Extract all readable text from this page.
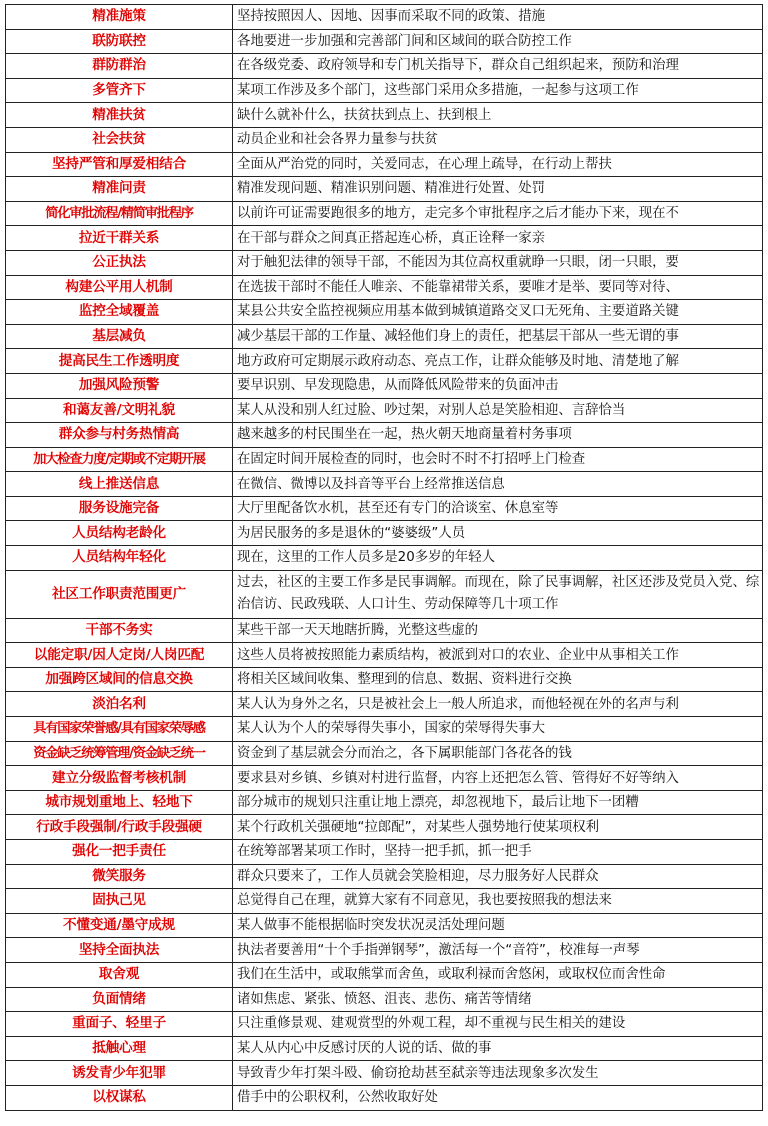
精准施策	坚持按照因人、因地、因事而采取不同的政策、措施
联防联控	各地要进一步加强和完善部门间和区域间的联合防控工作
群防群治	在各级党委、政府领导和专门机关指导下，群众自己组织起来，预防和治理
多管齐下	某项工作涉及多个部门，这些部门采用众多措施，一起参与这项工作
精准扶贫	缺什么就补什么，扶贫扶到点上、扶到根上
社会扶贫	动员企业和社会各界力量参与扶贫
坚持严管和厚爱相结合	全面从严治党的同时，关爱同志，在心理上疏导，在行动上帮扶
精准问责	精准发现问题、精准识别问题、精准进行处置、处罚
简化审批流程/精简审批程序	以前许可证需要跑很多的地方，走完多个审批程序之后才能办下来，现在不
拉近干群关系	在干部与群众之间真正搭起连心桥，真正诠释一家亲
公正执法	对于触犯法律的领导干部，不能因为其位高权重就睁一只眼，闭一只眼，要
构建公平用人机制	在选拔干部时不能任人唯亲、不能靠裙带关系，要唯才是举、要同等对待、
监控全域覆盖	某县公共安全监控视频应用基本做到城镇道路交叉口无死角、主要道路关键
基层减负	减少基层干部的工作量、减轻他们身上的责任，把基层干部从一些无谓的事
提高民生工作透明度	地方政府可定期展示政府动态、亮点工作，让群众能够及时地、清楚地了解
加强风险预警	要早识别、早发现隐患，从而降低风险带来的负面冲击
和蔼友善/文明礼貌	某人从没和别人红过脸、吵过架，对别人总是笑脸相迎、言辞恰当
群众参与村务热情高	越来越多的村民围坐在一起，热火朝天地商量着村务事项
加大检查力度/定期或不定期开展	在固定时间开展检查的同时，也会时不时不打招呼上门检查
线上推送信息	在微信、微博以及抖音等平台上经常推送信息
服务设施完备	大厅里配备饮水机，甚至还有专门的洽谈室、休息室等
人员结构老龄化	为居民服务的多是退休的“婆婆级”人员
人员结构年轻化	现在，这里的工作人员多是20多岁的年轻人
社区工作职责范围更广	过去，社区的主要工作多是民事调解。而现在，除了民事调解，社区还涉及党员入党、综治信访、民政残联、人口计生、劳动保障等几十项工作
干部不务实	某些干部一天天地瞎折腾，光整这些虚的
以能定职/因人定岗/人岗匹配	这些人员将被按照能力素质结构，被派到对口的农业、企业中从事相关工作
加强跨区域间的信息交换	将相关区域间收集、整理到的信息、数据、资料进行交换
淡泊名利	某人认为身外之名，只是被社会上一般人所追求，而他轻视在外的名声与利
具有国家荣誉感/具有国家荣辱感	某人认为个人的荣辱得失事小，国家的荣辱得失事大
资金缺乏统筹管理/资金缺乏统一	资金到了基层就会分而治之，各下属职能部门各花各的钱
建立分级监督考核机制	要求县对乡镇、乡镇对村进行监督，内容上还把怎么管、管得好不好等纳入
城市规划重地上、轻地下	部分城市的规划只注重让地上漂亮，却忽视地下，最后让地下一团糟
行政手段强制/行政手段强硬	某个行政机关强硬地“拉郎配”，对某些人强势地行使某项权利
强化一把手责任	在统筹部署某项工作时，坚持一把手抓，抓一把手
微笑服务	群众只要来了，工作人员就会笑脸相迎，尽力服务好人民群众
固执己见	总觉得自己在理，就算大家有不同意见，我也要按照我的想法来
不懂变通/墨守成规	某人做事不能根据临时突发状况灵活处理问题
坚持全面执法	执法者要善用“十个手指弹钢琴”，激活每一个“音符”，校准每一声琴
取舍观	我们在生活中，或取熊掌而舍鱼，或取利禄而舍悠闲，或取权位而舍性命
负面情绪	诸如焦虑、紧张、愤怒、沮丧、悲伤、痛苦等情绪
重面子、轻里子	只注重修景观、建观赏型的外观工程，却不重视与民生相关的建设
抵触心理	某人从内心中反感讨厌的人说的话、做的事
诱发青少年犯罪	导致青少年打架斗殴、偷窃抢劫甚至弑亲等违法现象多次发生
以权谋私	借手中的公职权利，公然收取好处
